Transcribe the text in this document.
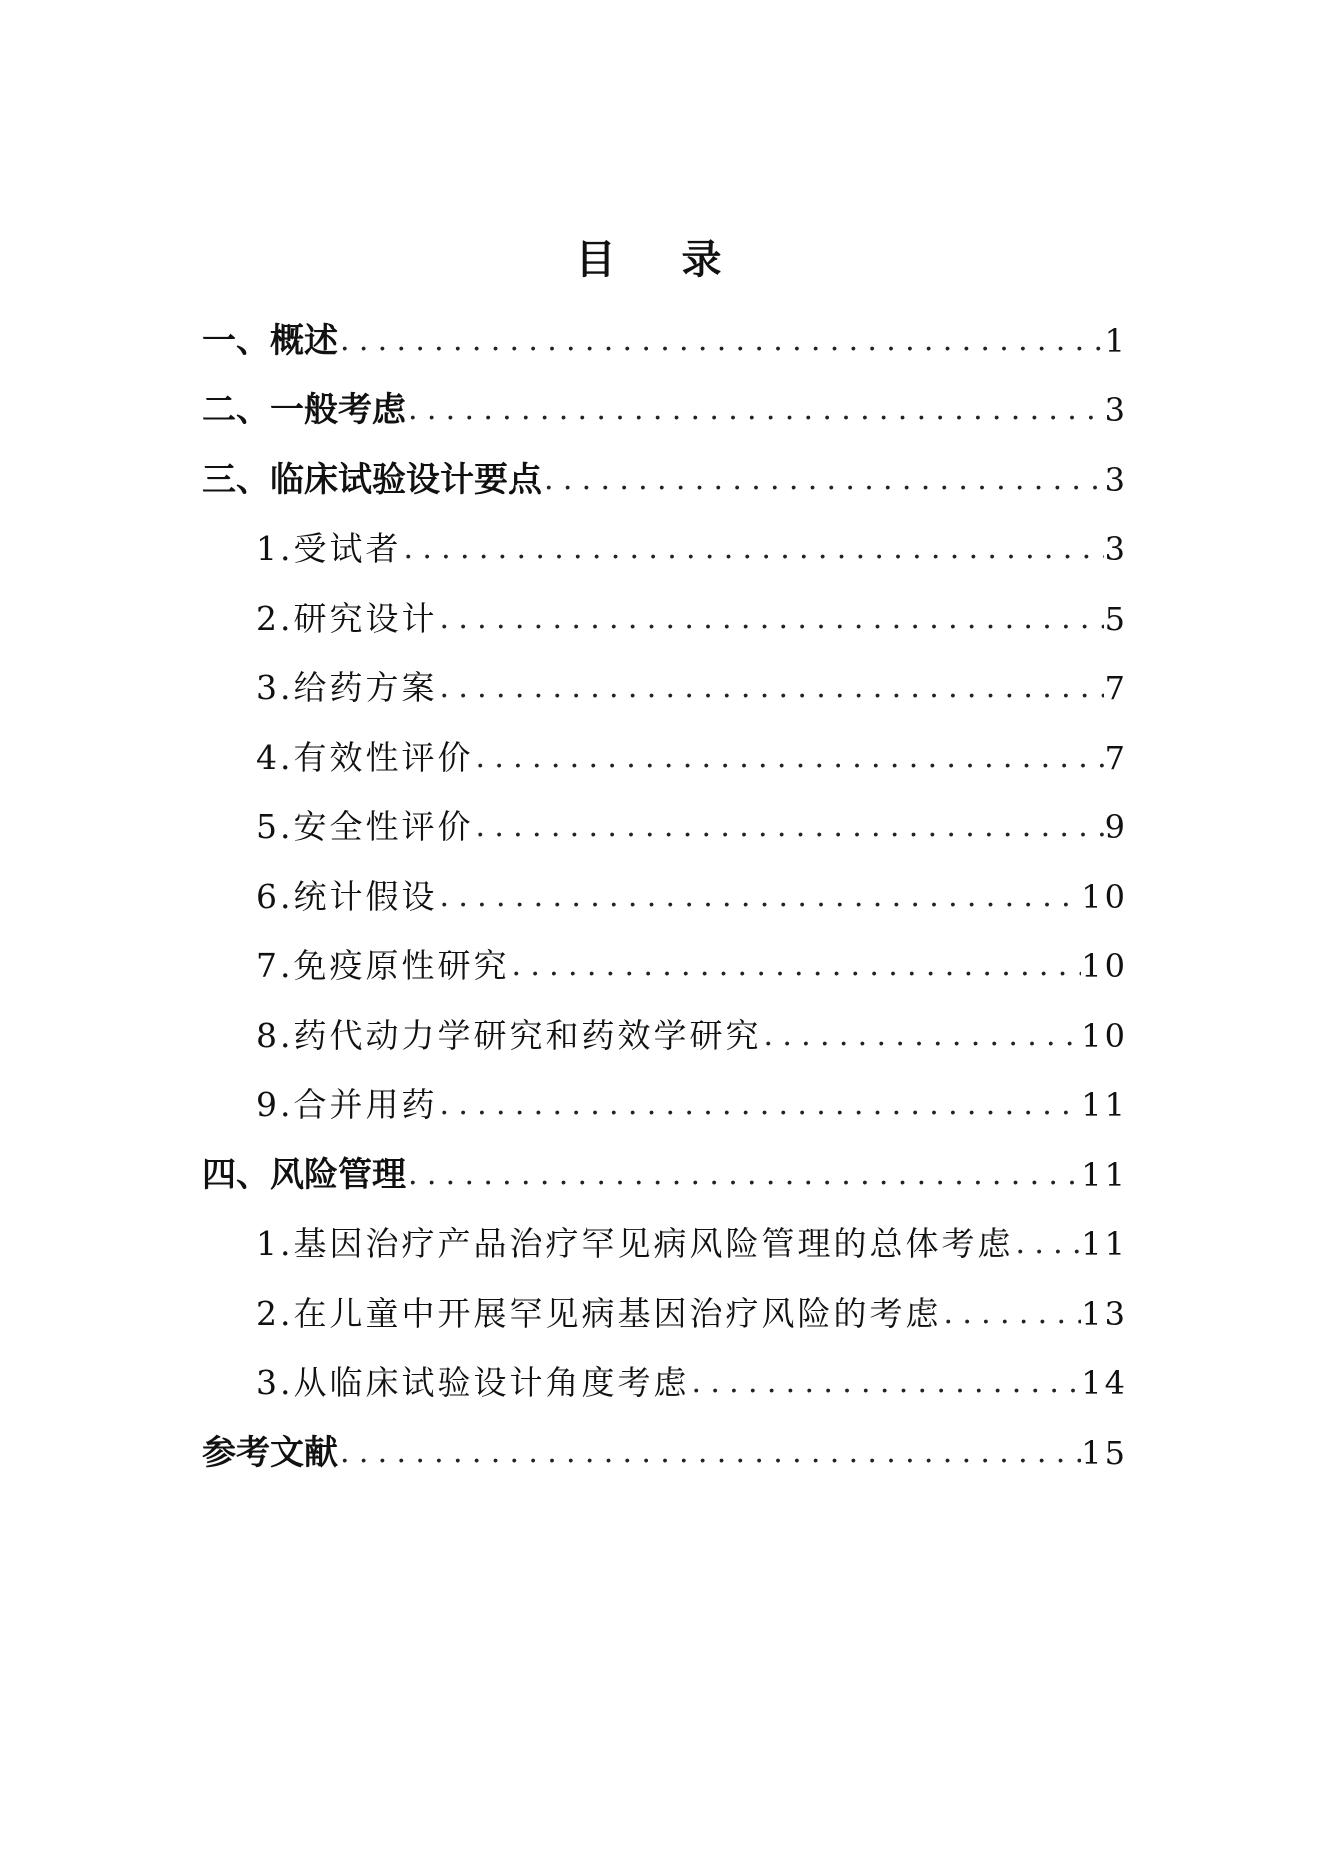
目 录
一、概述 .....	1
二、一般考虑 .....	3
三、临床试验设计要点 .....	3
1.受试者 .....	3
2.研究设计 .....	5
3.给药方案 .....	7
4.有效性评价 .....	7
5.安全性评价 .....	9
6.统计假设 .....	10
7.免疫原性研究 .....	10
8.药代动力学研究和药效学研究 .....	10
9.合并用药 .....	11
四、风险管理 .....	11
1.基因治疗产品治疗罕见病风险管理的总体考虑 ..... 11
2.在儿童中开展罕见病基因治疗风险的考虑 .....	13
3.从临床试验设计角度考虑 .....	14
参考文献 .....	15
